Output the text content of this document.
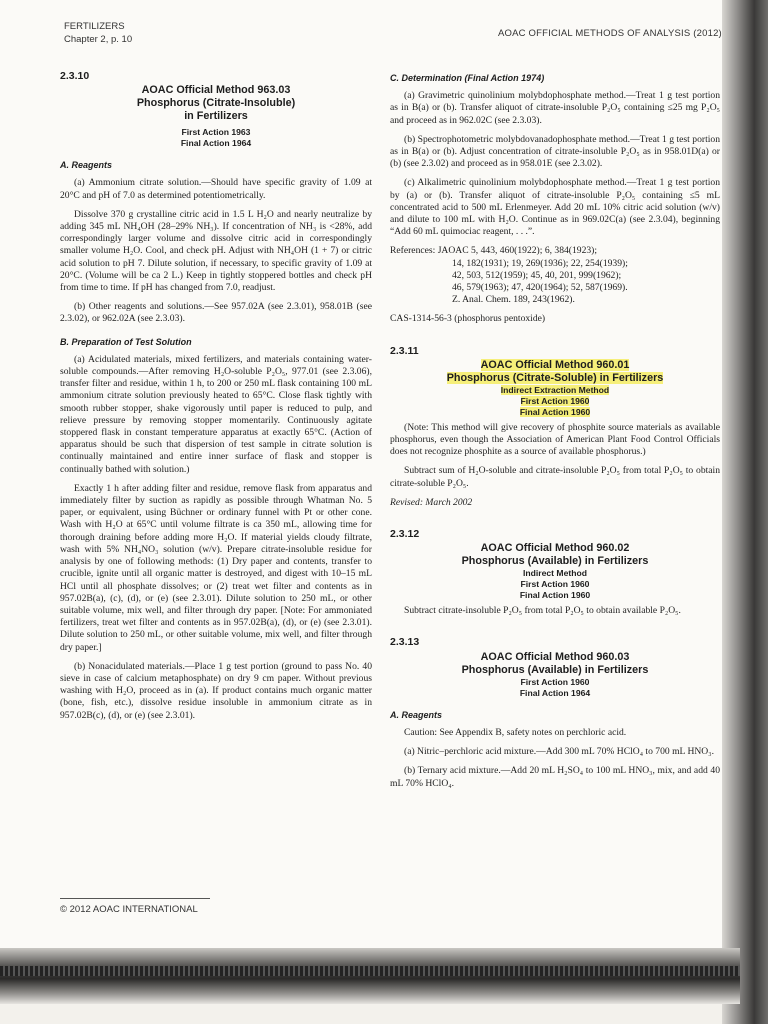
FERTILIZERS
Chapter 2, p. 10
AOAC OFFICIAL METHODS OF ANALYSIS (2012)
2.3.10
AOAC Official Method 963.03
Phosphorus (Citrate-Insoluble)
in Fertilizers
First Action 1963
Final Action 1964
A. Reagents

(a) Ammonium citrate solution.—Should have specific gravity of 1.09 at 20°C and pH of 7.0 as determined potentiometrically.

Dissolve 370 g crystalline citric acid in 1.5 L H₂O and nearly neutralize by adding 345 mL NH₄OH (28–29% NH₃). If concentration of NH₃ is <28%, add correspondingly larger volume and dissolve citric acid in correspondingly smaller volume H₂O. Cool, and check pH. Adjust with NH₄OH (1 + 7) or citric acid solution to pH 7. Dilute solution, if necessary, to specific gravity of 1.09 at 20°C. (Volume will be ca 2 L.) Keep in tightly stoppered bottles and check pH from time to time. If pH has changed from 7.0, readjust.

(b) Other reagents and solutions.—See 957.02A (see 2.3.01), 958.01B (see 2.3.02), or 962.02A (see 2.3.03).

B. Preparation of Test Solution

(a) Acidulated materials, mixed fertilizers, and materials containing water-soluble compounds.—After removing H₂O-soluble P₂O₅, 977.01 (see 2.3.06), transfer filter and residue, within 1 h, to 200 or 250 mL flask containing 100 mL ammonium citrate solution previously heated to 65°C. Close flask tightly with smooth rubber stopper, shake vigorously until paper is reduced to pulp, and relieve pressure by removing stopper momentarily. Continuously agitate stoppered flask in constant temperature apparatus at exactly 65°C. (Action of apparatus should be such that dispersion of test sample in citrate solution is continually maintained and entire inner surface of flask and stopper is continually bathed with solution.)

Exactly 1 h after adding filter and residue, remove flask from apparatus and immediately filter by suction as rapidly as possible through Whatman No. 5 paper, or equivalent, using Büchner or ordinary funnel with Pt or other cone. Wash with H₂O at 65°C until volume filtrate is ca 350 mL, allowing time for thorough draining before adding more H₂O. If material yields cloudy filtrate, wash with 5% NH₄NO₃ solution (w/v). Prepare citrate-insoluble residue for analysis by one of following methods: (1) Dry paper and contents, transfer to crucible, ignite until all organic matter is destroyed, and digest with 10–15 mL HCl until all phosphate dissolves; or (2) treat wet filter and contents as in 957.02B(a), (c), (d), or (e) (see 2.3.01). Dilute solution to 250 mL, or other suitable volume, mix well, and filter through dry paper. [Note: For ammoniated fertilizers, treat wet filter and contents as in 957.02B(a), (d), or (e) (see 2.3.01). Dilute solution to 250 mL, or other suitable volume, mix well, and filter through dry paper.]

(b) Nonacidulated materials.—Place 1 g test portion (ground to pass No. 40 sieve in case of calcium metaphosphate) on dry 9 cm paper. Without previous washing with H₂O, proceed as in (a). If product contains much organic matter (bone, fish, etc.), dissolve residue insoluble in ammonium citrate as in 957.02B(c), (d), or (e) (see 2.3.01).

C. Determination (Final Action 1974)

(a) Gravimetric quinolinium molybdophosphate method.—Treat 1 g test portion as in B(a) or (b). Transfer aliquot of citrate-insoluble P₂O₅ containing ≤25 mg P₂O₅ and proceed as in 962.02C (see 2.3.03).

(b) Spectrophotometric molybdovanadophosphate method.—Treat 1 g test portion as in B(a) or (b). Adjust concentration of citrate-insoluble P₂O₅ as in 958.01D(a) or (b) (see 2.3.02) and proceed as in 958.01E (see 2.3.02).

(c) Alkalimetric quinolinium molybdophosphate method.—Treat 1 g test portion by (a) or (b). Transfer aliquot of citrate-insoluble P₂O₅ containing ≤5 mL concentrated acid to 500 mL Erlenmeyer. Add 20 mL 10% citric acid solution (w/v) and dilute to 100 mL with H₂O. Continue as in 969.02C(a) (see 2.3.04), beginning “Add 60 mL quimociac reagent, . . .”.

References: JAOAC 5, 443, 460(1922); 6, 384(1923);
14, 182(1931); 19, 269(1936); 22, 254(1939);
42, 503, 512(1959); 45, 40, 201, 999(1962);
46, 579(1963); 47, 420(1964); 52, 587(1969).
Z. Anal. Chem. 189, 243(1962).

CAS-1314-56-3 (phosphorus pentoxide)

2.3.11
AOAC Official Method 960.01
Phosphorus (Citrate-Soluble) in Fertilizers
Indirect Extraction Method
First Action 1960
Final Action 1960

(Note: This method will give recovery of phosphite source materials as available phosphorus, even though the Association of American Plant Food Control Officials does not recognize phosphite as a source of available phosphorus.)

Subtract sum of H₂O-soluble and citrate-insoluble P₂O₅ from total P₂O₅ to obtain citrate-soluble P₂O₅.

Revised: March 2002

2.3.12
AOAC Official Method 960.02
Phosphorus (Available) in Fertilizers
Indirect Method
First Action 1960
Final Action 1960

Subtract citrate-insoluble P₂O₅ from total P₂O₅ to obtain available P₂O₅.

2.3.13
AOAC Official Method 960.03
Phosphorus (Available) in Fertilizers
First Action 1960
Final Action 1964
A. Reagents

Caution: See Appendix B, safety notes on perchloric acid.

(a) Nitric–perchloric acid mixture.—Add 300 mL 70% HClO₄ to 700 mL HNO₃.

(b) Ternary acid mixture.—Add 20 mL H₂SO₄ to 100 mL HNO₃, mix, and add 40 mL 70% HClO₄.

© 2012 AOAC INTERNATIONAL
